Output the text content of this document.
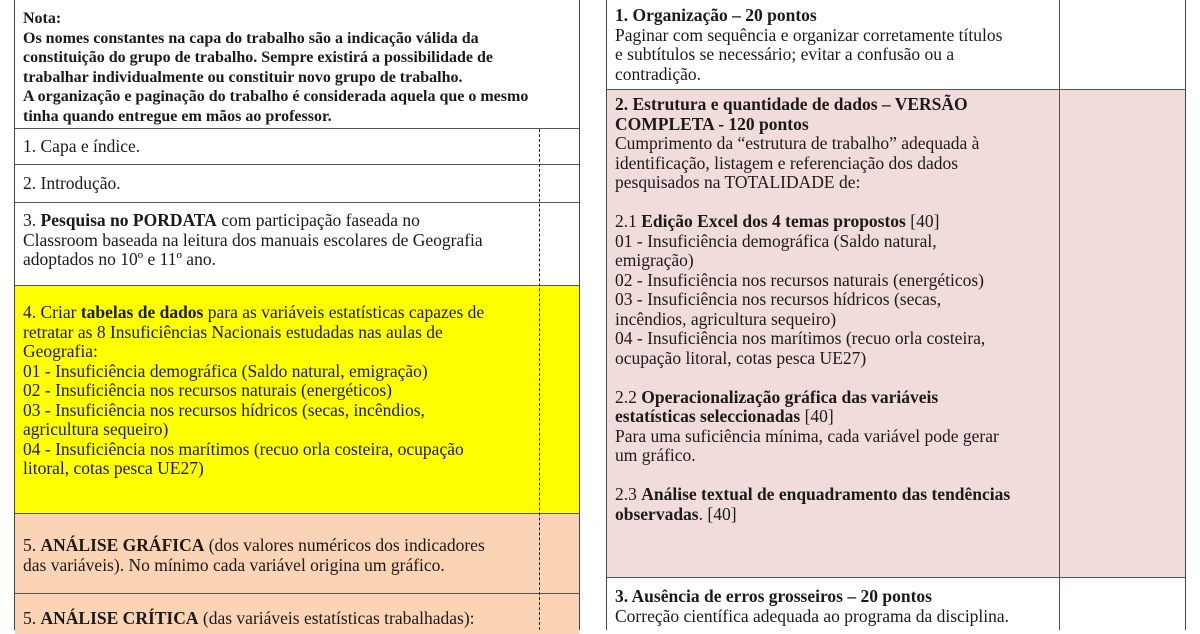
Nota:

Os nomes constantes na capa do trabalho são a indicação válida da

constituição do grupo de trabalho. Sempre existirá a possibilidade de

trabalhar individualmente ou constituir novo grupo de trabalho.

A organização e paginação do trabalho é considerada aquela que o mesmo

tinha quando entregue em mãos ao professor.

1. Capa e índice.
2. Introdução.

3. Pesquisa no PORDATA com participação faseada no

Classroom baseada na leitura dos manuais escolares de Geografia

adoptados no 10º e 11º ano.

4. Criar tabelas de dados para as variáveis estatísticas capazes de

retratar as 8 Insuficiências Nacionais estudadas nas aulas de

Geografia:

01 - Insuficiência demográfica (Saldo natural, emigração)

02 - Insuficiência nos recursos naturais (energéticos)

03 - Insuficiência nos recursos hídricos (secas, incêndios,

agricultura sequeiro)

04 - Insuficiência nos marítimos (recuo orla costeira, ocupação

litoral, cotas pesca UE27)

5. ANÁLISE GRÁFICA (dos valores numéricos dos indicadores

das variáveis). No mínimo cada variável origina um gráfico.

5. ANÁLISE CRÍTICA (das variáveis estatísticas trabalhadas):

1. Organização – 20 pontos

Paginar com sequência e organizar corretamente títulos

e subtítulos se necessário; evitar a confusão ou a

contradição.

2. Estrutura e quantidade de dados – VERSÃO

COMPLETA - 120 pontos

Cumprimento da “estrutura de trabalho” adequada à

identificação, listagem e referenciação dos dados

pesquisados na TOTALIDADE de:

2.1 Edição Excel dos 4 temas propostos [40]

01 - Insuficiência demográfica (Saldo natural,

emigração)

02 - Insuficiência nos recursos naturais (energéticos)

03 - Insuficiência nos recursos hídricos (secas,

incêndios, agricultura sequeiro)

04 - Insuficiência nos marítimos (recuo orla costeira,

ocupação litoral, cotas pesca UE27)

2.2 Operacionalização gráfica das variáveis

estatísticas seleccionadas [40]

Para uma suficiência mínima, cada variável pode gerar

um gráfico.

2.3 Análise textual de enquadramento das tendências

observadas. [40]

3. Ausência de erros grosseiros – 20 pontos

Correção científica adequada ao programa da disciplina.
